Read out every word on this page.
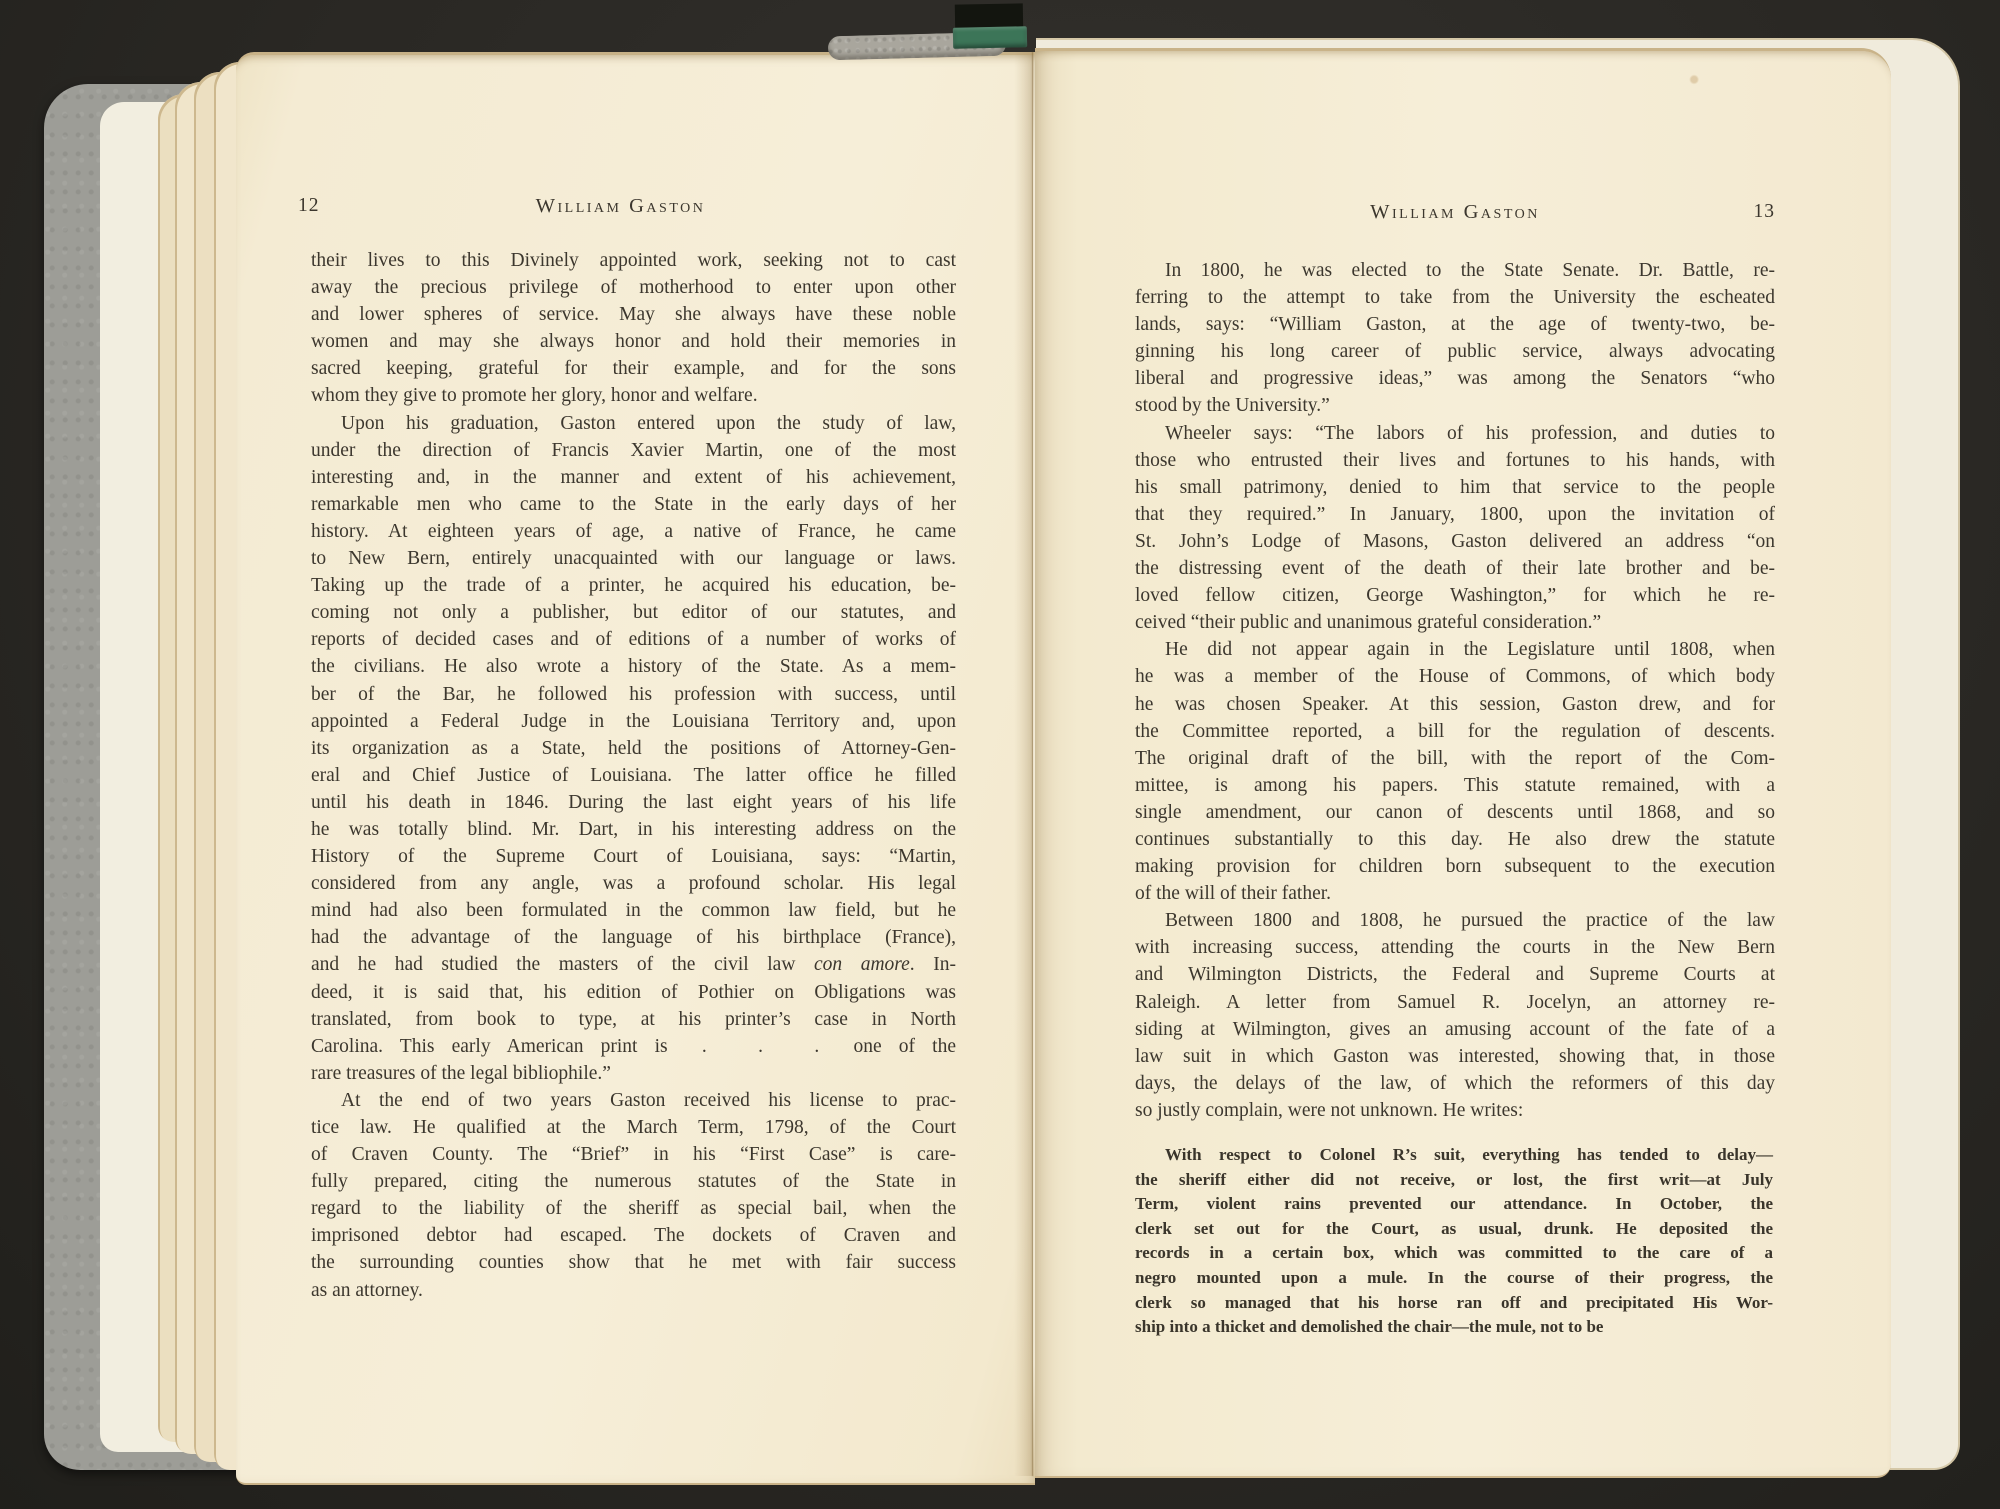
12	William Gaston
their lives to this Divinely appointed work, seeking not to cast
away the precious privilege of motherhood to enter upon other
and lower spheres of service. May she always have these noble
women and may she always honor and hold their memories in
sacred keeping, grateful for their example, and for the sons
whom they give to promote her glory, honor and welfare.
Upon his graduation, Gaston entered upon the study of law,
under the direction of Francis Xavier Martin, one of the most
interesting and, in the manner and extent of his achievement,
remarkable men who came to the State in the early days of her
history. At eighteen years of age, a native of France, he came
to New Bern, entirely unacquainted with our language or laws.
Taking up the trade of a printer, he acquired his education, be-
coming not only a publisher, but editor of our statutes, and
reports of decided cases and of editions of a number of works of
the civilians. He also wrote a history of the State. As a mem-
ber of the Bar, he followed his profession with success, until
appointed a Federal Judge in the Louisiana Territory and, upon
its organization as a State, held the positions of Attorney-Gen-
eral and Chief Justice of Louisiana. The latter office he filled
until his death in 1846. During the last eight years of his life
he was totally blind. Mr. Dart, in his interesting address on the
History of the Supreme Court of Louisiana, says: “Martin,
considered from any angle, was a profound scholar. His legal
mind had also been formulated in the common law field, but he
had the advantage of the language of his birthplace (France),
and he had studied the masters of the civil law con amore. In-
deed, it is said that, his edition of Pothier on Obligations was
translated, from book to type, at his printer’s case in North
Carolina. This early American print is  .   .   .  one of the
rare treasures of the legal bibliophile.”
At the end of two years Gaston received his license to prac-
tice law. He qualified at the March Term, 1798, of the Court
of Craven County. The “Brief” in his “First Case” is care-
fully prepared, citing the numerous statutes of the State in
regard to the liability of the sheriff as special bail, when the
imprisoned debtor had escaped. The dockets of Craven and
the surrounding counties show that he met with fair success
as an attorney.
William Gaston	13
In 1800, he was elected to the State Senate. Dr. Battle, re-
ferring to the attempt to take from the University the escheated
lands, says: “William Gaston, at the age of twenty-two, be-
ginning his long career of public service, always advocating
liberal and progressive ideas,” was among the Senators “who
stood by the University.”
Wheeler says: “The labors of his profession, and duties to
those who entrusted their lives and fortunes to his hands, with
his small patrimony, denied to him that service to the people
that they required.” In January, 1800, upon the invitation of
St. John’s Lodge of Masons, Gaston delivered an address “on
the distressing event of the death of their late brother and be-
loved fellow citizen, George Washington,” for which he re-
ceived “their public and unanimous grateful consideration.”
He did not appear again in the Legislature until 1808, when
he was a member of the House of Commons, of which body
he was chosen Speaker. At this session, Gaston drew, and for
the Committee reported, a bill for the regulation of descents.
The original draft of the bill, with the report of the Com-
mittee, is among his papers. This statute remained, with a
single amendment, our canon of descents until 1868, and so
continues substantially to this day. He also drew the statute
making provision for children born subsequent to the execution
of the will of their father.
Between 1800 and 1808, he pursued the practice of the law
with increasing success, attending the courts in the New Bern
and Wilmington Districts, the Federal and Supreme Courts at
Raleigh. A letter from Samuel R. Jocelyn, an attorney re-
siding at Wilmington, gives an amusing account of the fate of a
law suit in which Gaston was interested, showing that, in those
days, the delays of the law, of which the reformers of this day
so justly complain, were not unknown. He writes:
With respect to Colonel R’s suit, everything has tended to delay—
the sheriff either did not receive, or lost, the first writ—at July
Term, violent rains prevented our attendance. In October, the
clerk set out for the Court, as usual, drunk. He deposited the
records in a certain box, which was committed to the care of a
negro mounted upon a mule. In the course of their progress, the
clerk so managed that his horse ran off and precipitated His Wor-
ship into a thicket and demolished the chair—the mule, not to be
